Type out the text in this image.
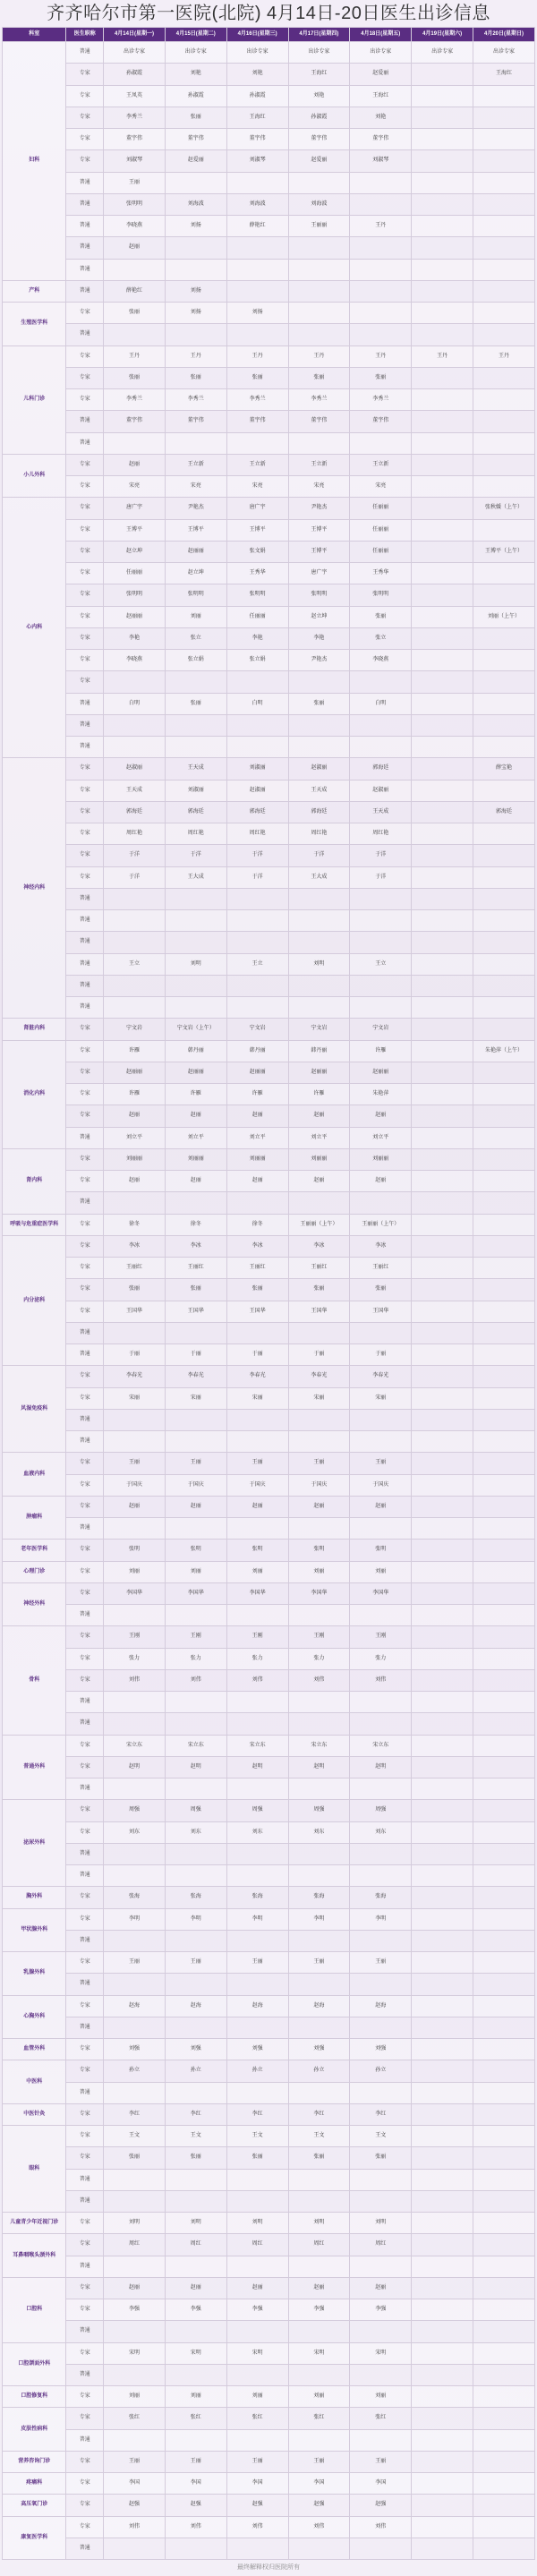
齐齐哈尔市第一医院(北院) 4月14日-20日医生出诊信息
科室	医生职称	4月14日(星期一)	4月15日(星期二)	4月16日(星期三)	4月17日(星期四)	4月18日(星期五)	4月19日(星期六)	4月20日(星期日)
妇科	普通	出诊专家	出诊专家	出诊专家	出诊专家	出诊专家	出诊专家	出诊专家
	专家	孙淑霞	刘艳	刘艳	王海红	赵爱丽		王海红
	专家	王凤英	孙淑霞	孙淑霞	刘艳	王海红		
	专家	李秀兰	张丽	王海红	孙淑霞	刘艳		
	专家	董宇伟	董宇伟	董宇伟	董宇伟	董宇伟		
	专家	刘淑琴	赵爱丽	刘淑琴	赵爱丽	刘淑琴		
	普通	王丽						
	普通	张明明	刘海波	刘海波	刘海波			
	普通	李晓燕	刘扬	薛艳红	王丽丽	王丹		
	普通	赵丽						
	普通							
产科	普通	薛艳红	刘扬					
生殖医学科	专家	张丽	刘扬	刘扬				
	普通							
儿科门诊	专家	王丹	王丹	王丹	王丹	王丹	王丹	王丹
	专家	张丽	张丽	张丽	张丽	张丽		
	专家	李秀兰	李秀兰	李秀兰	李秀兰	李秀兰		
	普通	董宇伟	董宇伟	董宇伟	董宇伟	董宇伟		
	普通							
小儿外科	专家	赵丽	王立新	王立新	王立新	王立新		
	专家	宋亮	宋亮	宋亮	宋亮	宋亮		
心内科	专家	唐广宇	尹艳杰	唐广宇	尹艳杰	任丽丽		张秋媛（上午）
	专家	王博平	王博平	王博平	王博平	任丽丽		
	专家	赵立坤	赵丽丽	张文娟	王博平	任丽丽		王博平（上午）
	专家	任丽丽	赵立坤	王秀华	唐广宇	王秀华		
	专家	张明明	张明明	张明明	张明明	张明明		
	专家	赵丽丽	刘丽	任丽丽	赵立坤	张丽		刘丽（上午）
	专家	李艳	张立	李艳	李艳	张立		
	专家	李晓燕	张立娟	张立娟	尹艳杰	李晓燕		
	专家							
	普通	白明	张丽	白明	张丽	白明		
	普通							
	普通							
神经内科	专家	赵淑丽	王天成	刘淑丽	赵淑丽	郭海廷		薛宝艳
	专家	王天成	刘淑丽	赵淑丽	王天成	赵淑丽		
	专家	郭海廷	郭海廷	郭海廷	郭海廷	王天成		郭海廷
	专家	周红艳	周红艳	周红艳	周红艳	周红艳		
	专家	于洋	于洋	于洋	于洋	于洋		
	专家	于洋	王大成	于洋	王大成	于洋		
	普通							
	普通							
	普通							
	普通	王立	刘明	王立	刘明	王立		
	普通							
	普通							
肾脏内科	专家	宁文岩	宁文岩（上午）	宁文岩	宁文岩	宁文岩		
消化内科	专家	许雁	韩丹丽	韩丹丽	韩丹丽	许雁		朱艳萍（上午）
	专家	赵丽丽	赵丽丽	赵丽丽	赵丽丽	赵丽丽		
	专家	许雁	许雁	许雁	许雁	朱艳萍		
	专家	赵丽	赵丽	赵丽	赵丽	赵丽		
	普通	刘立平	刘立平	刘立平	刘立平	刘立平		
肾内科	专家	刘丽丽	刘丽丽	刘丽丽	刘丽丽	刘丽丽		
	专家	赵丽	赵丽	赵丽	赵丽	赵丽		
	普通							
呼吸与危重症医学科	专家	徐冬	徐冬	徐冬	王丽丽（上午）	王丽丽（上午）		
内分泌科	专家	李冰	李冰	李冰	李冰	李冰		
	专家	王丽红	王丽红	王丽红	王丽红	王丽红		
	专家	张丽	张丽	张丽	张丽	张丽		
	专家	王国华	王国华	王国华	王国华	王国华		
	普通							
	普通	于丽	于丽	于丽	于丽	于丽		
风湿免疫科	专家	李春光	李春光	李春光	李春光	李春光		
	专家	宋丽	宋丽	宋丽	宋丽	宋丽		
	普通							
	普通							
血液内科	专家	王丽	王丽	王丽	王丽	王丽		
	专家	于国庆	于国庆	于国庆	于国庆	于国庆		
肿瘤科	专家	赵丽	赵丽	赵丽	赵丽	赵丽		
	普通							
老年医学科	专家	张明	张明	张明	张明	张明		
心理门诊	专家	刘丽	刘丽	刘丽	刘丽	刘丽		
神经外科	专家	李国华	李国华	李国华	李国华	李国华		
	普通							
骨科	专家	王刚	王刚	王刚	王刚	王刚		
	专家	张力	张力	张力	张力	张力		
	专家	刘伟	刘伟	刘伟	刘伟	刘伟		
	普通							
	普通							
普通外科	专家	宋立东	宋立东	宋立东	宋立东	宋立东		
	专家	赵明	赵明	赵明	赵明	赵明		
	普通							
泌尿外科	专家	周强	周强	周强	周强	周强		
	专家	刘东	刘东	刘东	刘东	刘东		
	普通							
	普通							
胸外科	专家	张海	张海	张海	张海	张海		
甲状腺外科	专家	李明	李明	李明	李明	李明		
	普通							
乳腺外科	专家	王丽	王丽	王丽	王丽	王丽		
	普通							
心胸外科	专家	赵海	赵海	赵海	赵海	赵海		
	普通							
血管外科	专家	刘强	刘强	刘强	刘强	刘强		
中医科	专家	孙立	孙立	孙立	孙立	孙立		
	普通							
中医针灸	专家	李红	李红	李红	李红	李红		
眼科	专家	王文	王文	王文	王文	王文		
	专家	张丽	张丽	张丽	张丽	张丽		
	普通							
	普通							
儿童青少年近视门诊	专家	刘明	刘明	刘明	刘明	刘明		
耳鼻咽喉头颈外科	专家	周红	周红	周红	周红	周红		
	普通							
口腔科	专家	赵丽	赵丽	赵丽	赵丽	赵丽		
	专家	李强	李强	李强	李强	李强		
	普通							
口腔颌面外科	专家	宋明	宋明	宋明	宋明	宋明		
	普通							
口腔修复科	专家	刘丽	刘丽	刘丽	刘丽	刘丽		
皮肤性病科	专家	张红	张红	张红	张红	张红		
	普通							
营养咨询门诊	专家	王丽	王丽	王丽	王丽	王丽		
疼痛科	专家	李国	李国	李国	李国	李国		
高压氧门诊	专家	赵强	赵强	赵强	赵强	赵强		
康复医学科	专家	刘伟	刘伟	刘伟	刘伟	刘伟		
	普通							
最终解释权归医院所有
